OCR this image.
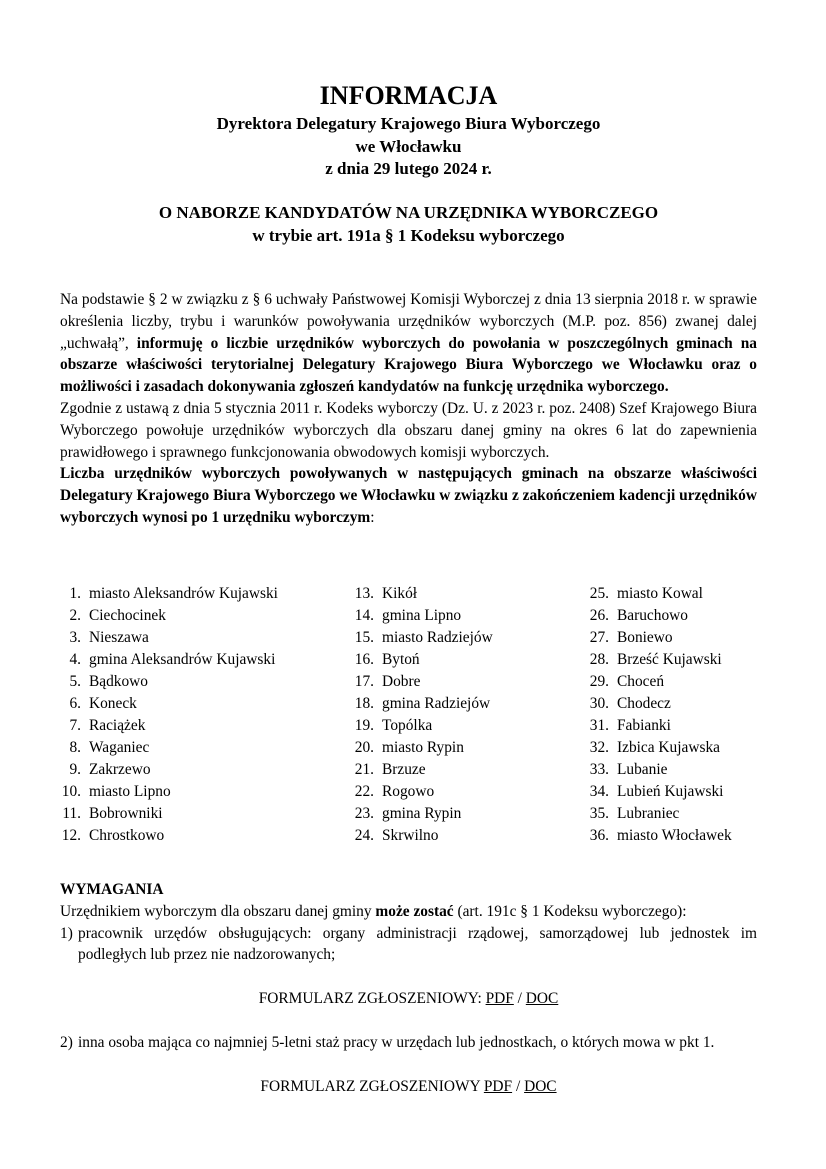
INFORMACJA
Dyrektora Delegatury Krajowego Biura Wyborczego
we Włocławku
z dnia 29 lutego 2024 r.
O NABORZE KANDYDATÓW NA URZĘDNIKA WYBORCZEGO
w trybie art. 191a § 1 Kodeksu wyborczego

Na podstawie § 2 w związku z § 6 uchwały Państwowej Komisji Wyborczej z dnia 13 sierpnia 2018 r. w sprawie określenia liczby, trybu i warunków powoływania urzędników wyborczych (M.P. poz. 856) zwanej dalej „uchwałą”, informuję o liczbie urzędników wyborczych do powołania w poszczególnych gminach na obszarze właściwości terytorialnej Delegatury Krajowego Biura Wyborczego we Włocławku oraz o możliwości i zasadach dokonywania zgłoszeń kandydatów na funkcję urzędnika wyborczego.

Zgodnie z ustawą z dnia 5 stycznia 2011 r. Kodeks wyborczy (Dz. U. z 2023 r. poz. 2408) Szef Krajowego Biura Wyborczego powołuje urzędników wyborczych dla obszaru danej gminy na okres 6 lat do zapewnienia prawidłowego i sprawnego funkcjonowania obwodowych komisji wyborczych.

Liczba urzędników wyborczych powoływanych w następujących gminach na obszarze właściwości Delegatury Krajowego Biura Wyborczego we Włocławku w związku z zakończeniem kadencji urzędników wyborczych wynosi po 1 urzędniku wyborczym:

1. miasto Aleksandrów Kujawski
2. Ciechocinek
3. Nieszawa
4. gmina Aleksandrów Kujawski
5. Bądkowo
6. Koneck
7. Raciążek
8. Waganiec
9. Zakrzewo
10. miasto Lipno
11. Bobrowniki
12. Chrostkowo
13. Kikół
14. gmina Lipno
15. miasto Radziejów
16. Bytoń
17. Dobre
18. gmina Radziejów
19. Topólka
20. miasto Rypin
21. Brzuze
22. Rogowo
23. gmina Rypin
24. Skrwilno
25. miasto Kowal
26. Baruchowo
27. Boniewo
28. Brześć Kujawski
29. Choceń
30. Chodecz
31. Fabianki
32. Izbica Kujawska
33. Lubanie
34. Lubień Kujawski
35. Lubraniec
36. miasto Włocławek

WYMAGANIA

Urzędnikiem wyborczym dla obszaru danej gminy może zostać (art. 191c § 1 Kodeksu wyborczego):

1) pracownik urzędów obsługujących: organy administracji rządowej, samorządowej lub jednostek im podległych lub przez nie nadzorowanych;

FORMULARZ ZGŁOSZENIOWY: PDF / DOC

2) inna osoba mająca co najmniej 5-letni staż pracy w urzędach lub jednostkach, o których mowa w pkt 1.

FORMULARZ ZGŁOSZENIOWY PDF / DOC
